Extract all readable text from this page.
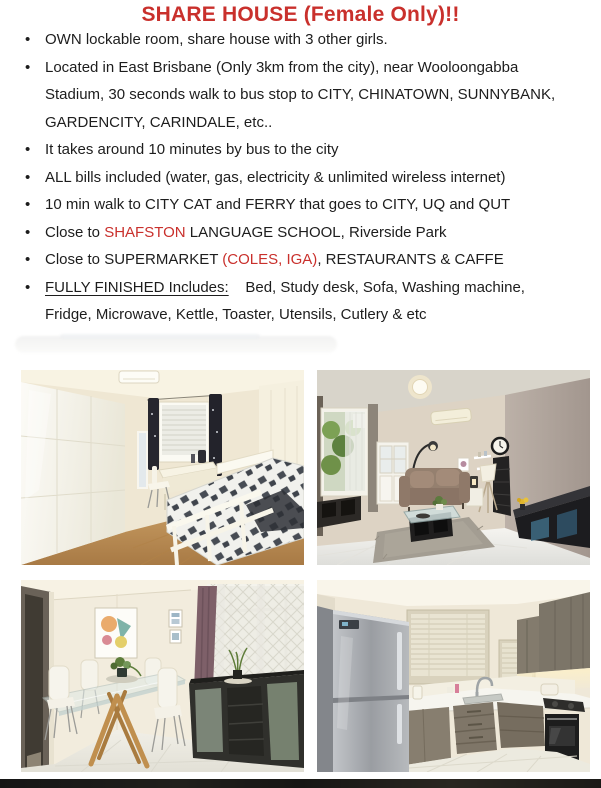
SHARE HOUSE (Female Only)!!
• OWN lockable room, share house with 3 other girls.
• Located in East Brisbane (Only 3km from the city), near Wooloongabba
Stadium, 30 seconds walk to bus stop to CITY, CHINATOWN, SUNNYBANK,
GARDENCITY, CARINDALE, etc..
• It takes around 10 minutes by bus to the city
• ALL bills included (water, gas, electricity & unlimited wireless internet)
• 10 min walk to CITY CAT and FERRY that goes to CITY, UQ and QUT
• Close to SHAFSTON LANGUAGE SCHOOL, Riverside Park
• Close to SUPERMARKET (COLES, IGA), RESTAURANTS & CAFFE
• FULLY FINISHED Includes:    Bed, Study desk, Sofa, Washing machine,
Fridge, Microwave, Kettle, Toaster, Utensils, Cutlery & etc
